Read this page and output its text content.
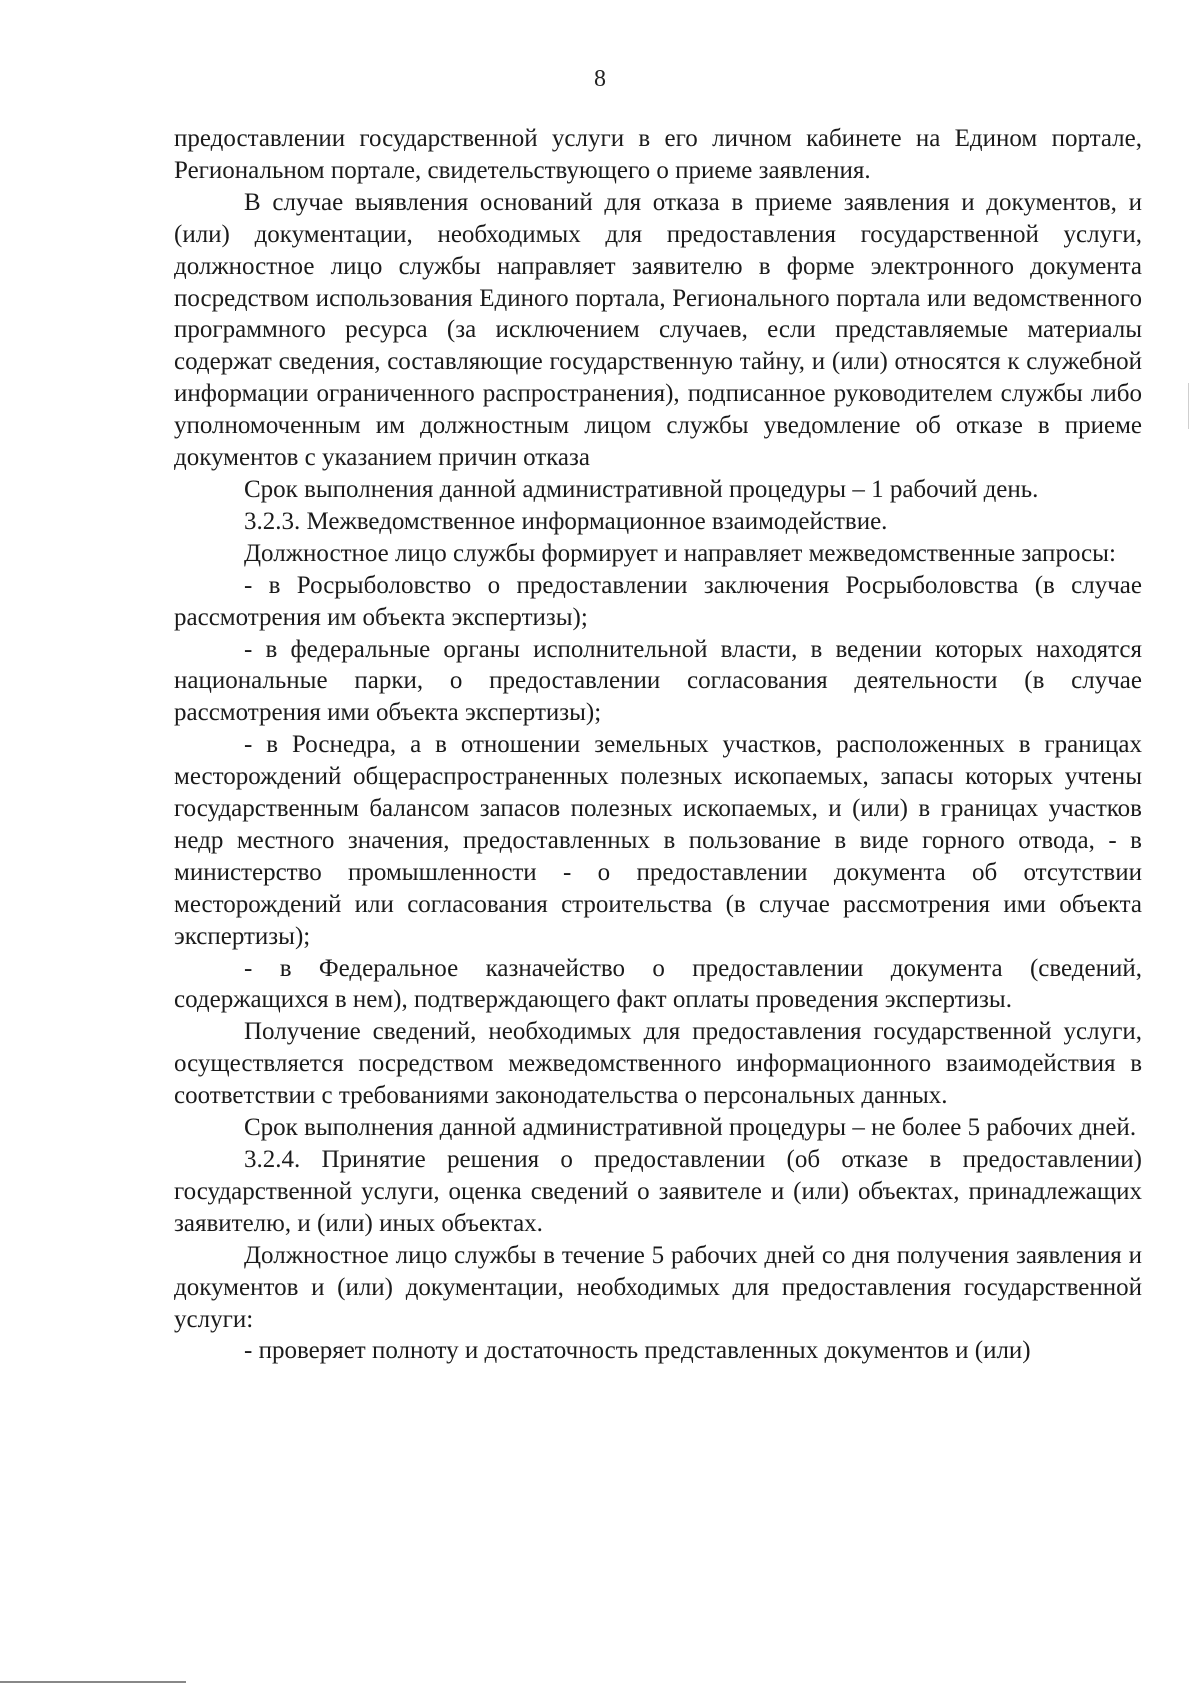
8

предоставлении государственной услуги в его личном кабинете на Едином портале, Региональном портале, свидетельствующего о приеме заявления.

В случае выявления оснований для отказа в приеме заявления и документов, и (или) документации, необходимых для предоставления государственной услуги, должностное лицо службы направляет заявителю в форме электронного документа посредством использования Единого портала, Регионального портала или ведомственного программного ресурса (за исключением случаев, если представляемые материалы содержат сведения, составляющие государственную тайну, и (или) относятся к служебной информации ограниченного распространения), подписанное руководителем службы либо уполномоченным им должностным лицом службы уведомление об отказе в приеме документов с указанием причин отказа

Срок выполнения данной административной процедуры – 1 рабочий день.

3.2.3. Межведомственное информационное взаимодействие.

Должностное лицо службы формирует и направляет межведомственные запросы:

- в Росрыболовство о предоставлении заключения Росрыболовства (в случае рассмотрения им объекта экспертизы);

- в федеральные органы исполнительной власти, в ведении которых находятся национальные парки, о предоставлении согласования деятельности (в случае рассмотрения ими объекта экспертизы);

- в Роснедра, а в отношении земельных участков, расположенных в границах месторождений общераспространенных полезных ископаемых, запасы которых учтены государственным балансом запасов полезных ископаемых, и (или) в границах участков недр местного значения, предоставленных в пользование в виде горного отвода, - в министерство промышленности - о предоставлении документа об отсутствии месторождений или согласования строительства (в случае рассмотрения ими объекта экспертизы);

- в Федеральное казначейство о предоставлении документа (сведений, содержащихся в нем), подтверждающего факт оплаты проведения экспертизы.

Получение сведений, необходимых для предоставления государственной услуги, осуществляется посредством межведомственного информационного взаимодействия в соответствии с требованиями законодательства о персональных данных.

Срок выполнения данной административной процедуры – не более 5 рабочих дней.

3.2.4. Принятие решения о предоставлении (об отказе в предоставлении) государственной услуги, оценка сведений о заявителе и (или) объектах, принадлежащих заявителю, и (или) иных объектах.

Должностное лицо службы в течение 5 рабочих дней со дня получения заявления и документов и (или) документации, необходимых для предоставления государственной услуги:

- проверяет полноту и достаточность представленных документов и (или)
